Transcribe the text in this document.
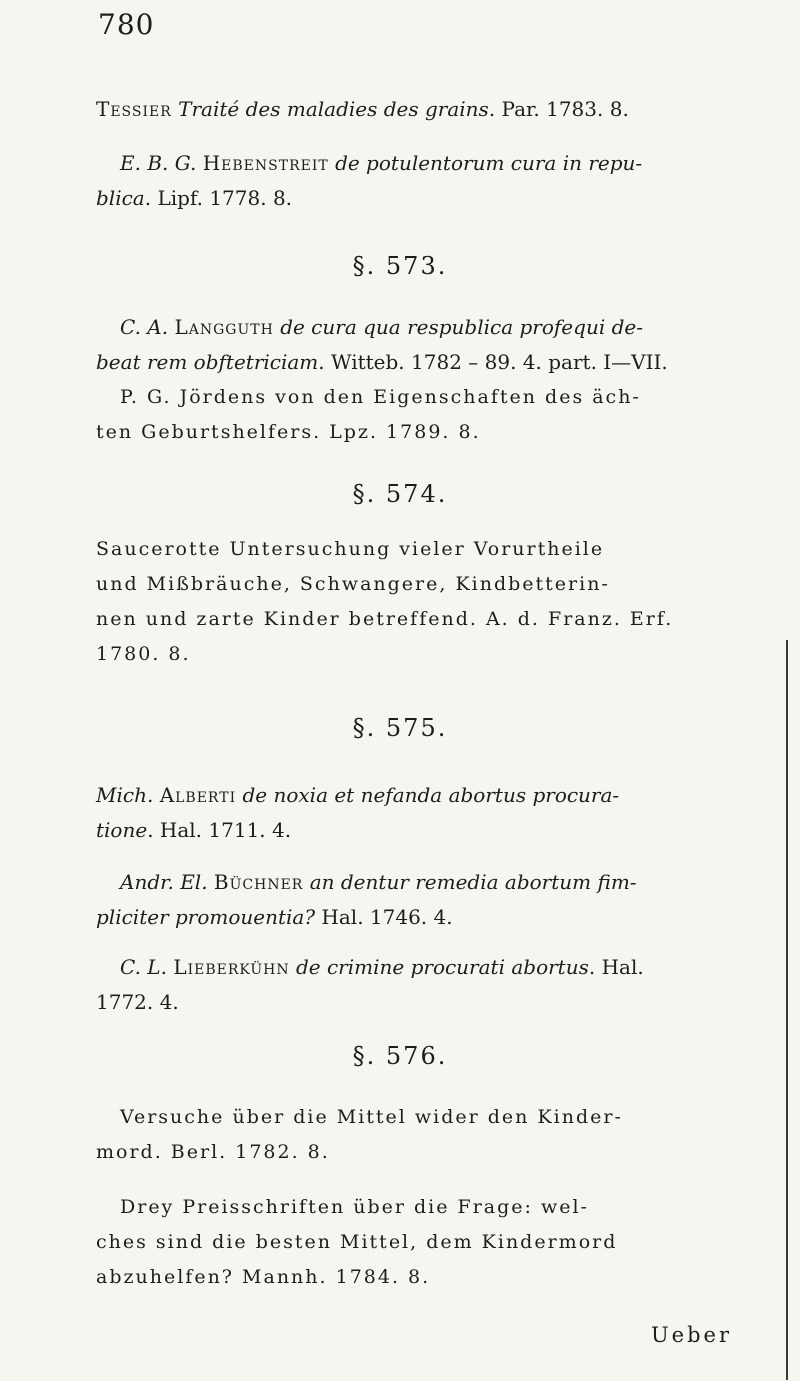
780
Tessier Traité des maladies des grains. Par. 1783. 8.
E. B. G. Hebenstreit de potulentorum cura in repu-
blica. Lipf. 1778. 8.
§. 573.
C. A. Langguth de cura qua respublica profequi de-
beat rem obftetriciam. Witteb. 1782 – 89. 4. part. I—VII.
P. G. Jördens von den Eigenschaften des äch-
ten Geburtshelfers. Lpz. 1789. 8.
§. 574.
Saucerotte Untersuchung vieler Vorurtheile
und Mißbräuche, Schwangere, Kindbetterin-
nen und zarte Kinder betreffend. A. d. Franz. Erf.
1780. 8.
§. 575.
Mich. Alberti de noxia et nefanda abortus procura-
tione. Hal. 1711. 4.
Andr. El. Büchner an dentur remedia abortum fim-
pliciter promouentia? Hal. 1746. 4.
C. L. Lieberkühn de crimine procurati abortus. Hal.
1772. 4.
§. 576.
Versuche über die Mittel wider den Kinder-
mord. Berl. 1782. 8.
Drey Preisschriften über die Frage: wel-
ches sind die besten Mittel, dem Kindermord
abzuhelfen? Mannh. 1784. 8.
Ueber
